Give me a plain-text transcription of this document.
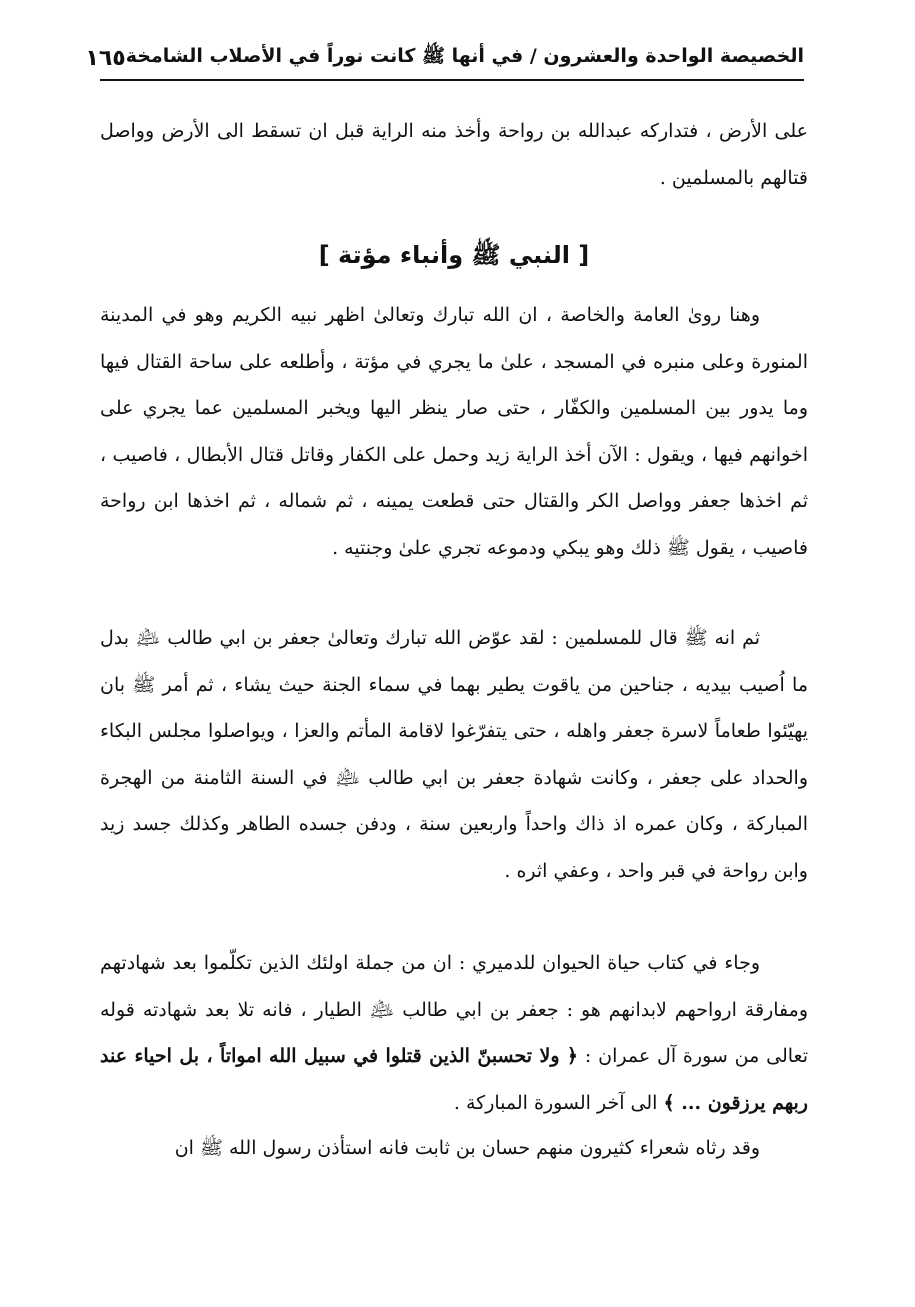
الخصيصة الواحدة والعشرون / في أنها ﷺ كانت نوراً في الأصلاب الشامخة
١٦٥

على الأرض ، فتداركه عبدالله بن رواحة وأخذ منه الراية قبل ان تسقط الى الأرض وواصل قتالهم بالمسلمين .

[ النبي ﷺ وأنباء مؤتة ]

وهنا روىٰ العامة والخاصة ، ان الله تبارك وتعالىٰ اظهر نبيه الكريم وهو في المدينة المنورة وعلى منبره في المسجد ، علىٰ ما يجري في مؤتة ، وأطلعه على ساحة القتال فيها وما يدور بين المسلمين والكفّار ، حتى صار ينظر اليها ويخبر المسلمين عما يجري على اخوانهم فيها ، ويقول : الآن أخذ الراية زيد وحمل على الكفار وقاتل قتال الأبطال ، فاصيب ، ثم اخذها جعفر وواصل الكر والقتال حتى قطعت يمينه ، ثم شماله ، ثم اخذها ابن رواحة فاصيب ، يقول ﷺ ذلك وهو يبكي ودموعه تجري علىٰ وجنتيه .

ثم انه ﷺ قال للمسلمين : لقد عوّض الله تبارك وتعالىٰ جعفر بن ابي طالب ﵇ بدل ما اُصيب بيديه ، جناحين من ياقوت يطير بهما في سماء الجنة حيث يشاء ، ثم أمر ﷺ بان يهيّئوا طعاماً لاسرة جعفر واهله ، حتى يتفرّغوا لاقامة المأتم والعزا ، ويواصلوا مجلس البكاء والحداد على جعفر ، وكانت شهادة جعفر بن ابي طالب ﵇ في السنة الثامنة من الهجرة المباركة ، وكان عمره اذ ذاك واحداً واربعين سنة ، ودفن جسده الطاهر وكذلك جسد زيد وابن رواحة في قبر واحد ، وعفي اثره .

وجاء في كتاب حياة الحيوان للدميري : ان من جملة اولئك الذين تكلّموا بعد شهادتهم ومفارقة ارواحهم لابدانهم هو : جعفر بن ابي طالب ﵇ الطيار ، فانه تلا بعد شهادته قوله تعالى من سورة آل عمران : ﴿ ولا تحسبنّ الذين قتلوا في سبيل الله امواتاً ، بل احياء عند ربهم يرزقون ... ﴾ الى آخر السورة المباركة .

وقد رثاه شعراء كثيرون منهم حسان بن ثابت فانه استأذن رسول الله ﷺ ان
